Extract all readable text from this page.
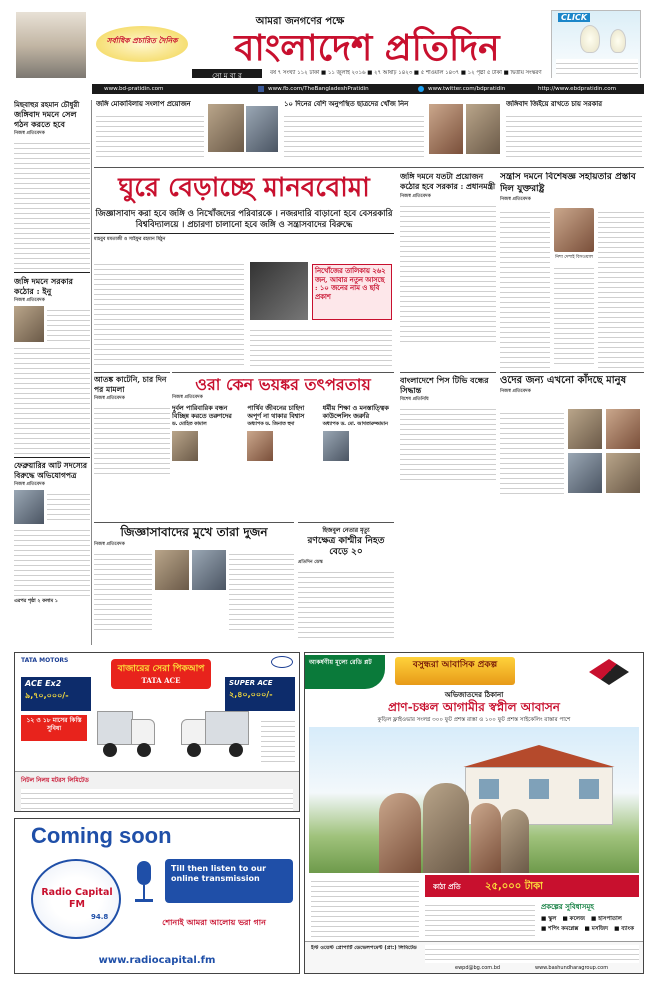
সর্বাধিক প্রচারিত দৈনিক
আমরা জনগণের পক্ষে
বাংলাদেশ প্রতিদিন
সো ম বা র	বর্ষ ৭ সংখ্যা ১১২ ঢাকা ■ ১১ জুলাই ২০১৬ ■ ২৭ আষাঢ় ১৪২৩ ■ ৫ শাওয়াল ১৪৩৭ ■ ১২ পৃষ্ঠা ৫ টাকা ■ দ্বিতীয় সংস্করণ
CLICK
www.bd-pratidin.com	www.fb.com/TheBangladeshPratidin	www.twitter.com/bdpratidin	http://www.ebdpratidin.com
মিছবাহুর রহমান চৌধুরী
জঙ্গিবাদ দমনে সেল গঠন করতে হবে
নিজস্ব প্রতিবেদক
জঙ্গি দমনে সরকার কঠোর : ইনু
নিজস্ব প্রতিবেদক
ফেব্রুয়ারির আট সদস্যের বিরুদ্ধে অভিযোগপত্র
নিজস্ব প্রতিবেদক
এরপর পৃষ্ঠা ২ কলাম ১
জঙ্গি মোকাবিলায় সংলাপ প্রয়োজন	১০ দিনের বেশি অনুপস্থিত ছাত্রদের খোঁজ নিন	জঙ্গিবাদ জিইয়ে রাখতে চায় সরকার
ঘুরে বেড়াচ্ছে মানববোমা
জিজ্ঞাসাবাদ করা হবে জঙ্গি ও নিখোঁজদের পরিবারকে । নজরদারি বাড়ানো হবে বেসরকারি বিশ্ববিদ্যালয়ে । প্রচারণা চালানো হবে জঙ্গি ও সন্ত্রাসবাদের বিরুদ্ধে
মাহবুব মমতাজী ও সাইফুর রহমান মিঠুন
নিখোঁজের তালিকায় ২৬২ জন, আবার নতুন আসছে : ১০ জনের নাম ও ছবি প্রকাশ
জঙ্গি দমনে যতটা প্রয়োজন কঠোর হবে সরকার : প্রধানমন্ত্রী
নিজস্ব প্রতিবেদক
সন্ত্রাস দমনে বিশেষজ্ঞ সহায়তার প্রস্তাব দিল যুক্তরাষ্ট্র
নিজস্ব প্রতিবেদক
নিশা দেশাই বিসওয়াল
আতঙ্ক কাটেনি, চার দিন পর মামলা
নিজস্ব প্রতিবেদক
ওরা কেন ভয়ঙ্কর তৎপরতায়
নিজস্ব প্রতিবেদক
দুর্বল পারিবারিক বন্ধন বিচ্ছিন্ন করতে তরুণদের
ড. মোহিত কামাল
পার্থিব জীবনের চাহিদা অপূর্ণ না থাকার বিশ্বাস
অধ্যাপক ড. জিনাত হুদা
ধর্মীয় শিক্ষা ও মনস্তাত্ত্বিক কাউন্সেলিং জরুরি
অধ্যাপক ড. মো. আখতারুজ্জামান
বাংলাদেশে পিস টিভি বন্ধের সিদ্ধান্ত
বিশেষ প্রতিনিধি
ওদের জন্য এখনো কাঁদছে মানুষ
নিজস্ব প্রতিবেদক
জিজ্ঞাসাবাদের মুখে তারা দুজন
নিজস্ব প্রতিবেদক
হিজবুল নেতার মৃত্যু
রণক্ষেত্র কাশ্মীর নিহত বেড়ে ২০
প্রতিদিন ডেস্ক
TATA MOTORS
বাজারের সেরা পিকআপ
TATA ACE
ACE Ex2
৯,৭০,০০০/-
SUPER ACE
২,৪০,০০০/-
১২ ও ১৮ মাসের কিস্তি সুবিধা
নিটল নিলয় মটরস লিমিটেড
Coming soon
Radio Capital FM
94.8
Till then listen to our online transmission
শোনাই আমরা আলোয় ভরা গান
www.radiocapital.fm
বসুন্ধরা আবাসিক প্রকল্প
আকর্ষণীয় মূল্যে রেডি প্লট
অভিজাতদের ঠিকানা
প্রাণ-চঞ্চল আগামীর স্বপ্নীল আবাসন
কুড়িল ফ্লাইওভার সংলগ্ন ৩০০ ফুট প্রশস্ত রাস্তা ও ১০০ ফুট প্রশস্ত সাইকেলিং রাস্তার পাশে
কাঠা প্রতি ২৫,০০০ টাকা
প্রকল্পের সুবিধাসমূহ
■ স্কুল ■ কলেজ ■ হাসপাতাল
■ শপিং কমপ্লেক্স ■ মসজিদ ■ ব্যাংক
ইস্ট ওয়েস্ট প্রোপার্টি ডেভেলপমেন্ট (প্রা:) লিমিটেড
ewpd@bg.com.bd	www.bashundharagroup.com
